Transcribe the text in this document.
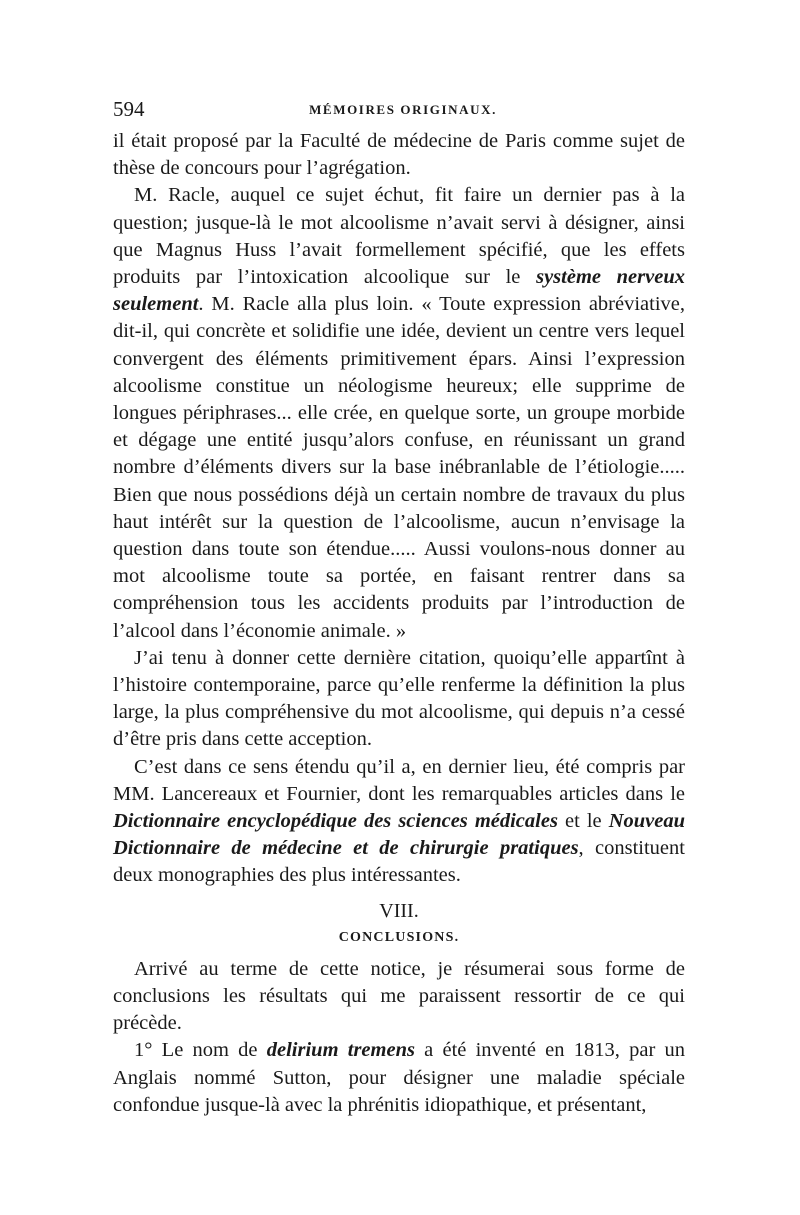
594	MÉMOIRES ORIGINAUX.

il était proposé par la Faculté de médecine de Paris comme sujet de thèse de concours pour l’agrégation.

M. Racle, auquel ce sujet échut, fit faire un dernier pas à la question; jusque-là le mot alcoolisme n’avait servi à désigner, ainsi que Magnus Huss l’avait formellement spécifié, que les effets produits par l’intoxication alcoolique sur le système nerveux seulement. M. Racle alla plus loin. « Toute expression abréviative, dit-il, qui concrète et solidifie une idée, devient un centre vers lequel convergent des éléments primitivement épars. Ainsi l’expression alcoolisme constitue un néologisme heureux; elle supprime de longues périphrases... elle crée, en quelque sorte, un groupe morbide et dégage une entité jusqu’alors confuse, en réunissant un grand nombre d’éléments divers sur la base inébranlable de l’étiologie..... Bien que nous possédions déjà un certain nombre de travaux du plus haut intérêt sur la question de l’alcoolisme, aucun n’envisage la question dans toute son étendue..... Aussi voulons-nous donner au mot alcoolisme toute sa portée, en faisant rentrer dans sa compréhension tous les accidents produits par l’introduction de l’alcool dans l’économie animale. »

J’ai tenu à donner cette dernière citation, quoiqu’elle appartînt à l’histoire contemporaine, parce qu’elle renferme la définition la plus large, la plus compréhensive du mot alcoolisme, qui depuis n’a cessé d’être pris dans cette acception.

C’est dans ce sens étendu qu’il a, en dernier lieu, été compris par MM. Lancereaux et Fournier, dont les remarquables articles dans le Dictionnaire encyclopédique des sciences médicales et le Nouveau Dictionnaire de médecine et de chirurgie pratiques, constituent deux monographies des plus intéressantes.

VIII.
CONCLUSIONS.

Arrivé au terme de cette notice, je résumerai sous forme de conclusions les résultats qui me paraissent ressortir de ce qui précède.

1° Le nom de delirium tremens a été inventé en 1813, par un Anglais nommé Sutton, pour désigner une maladie spéciale confondue jusque-là avec la phrénitis idiopathique, et présentant,
